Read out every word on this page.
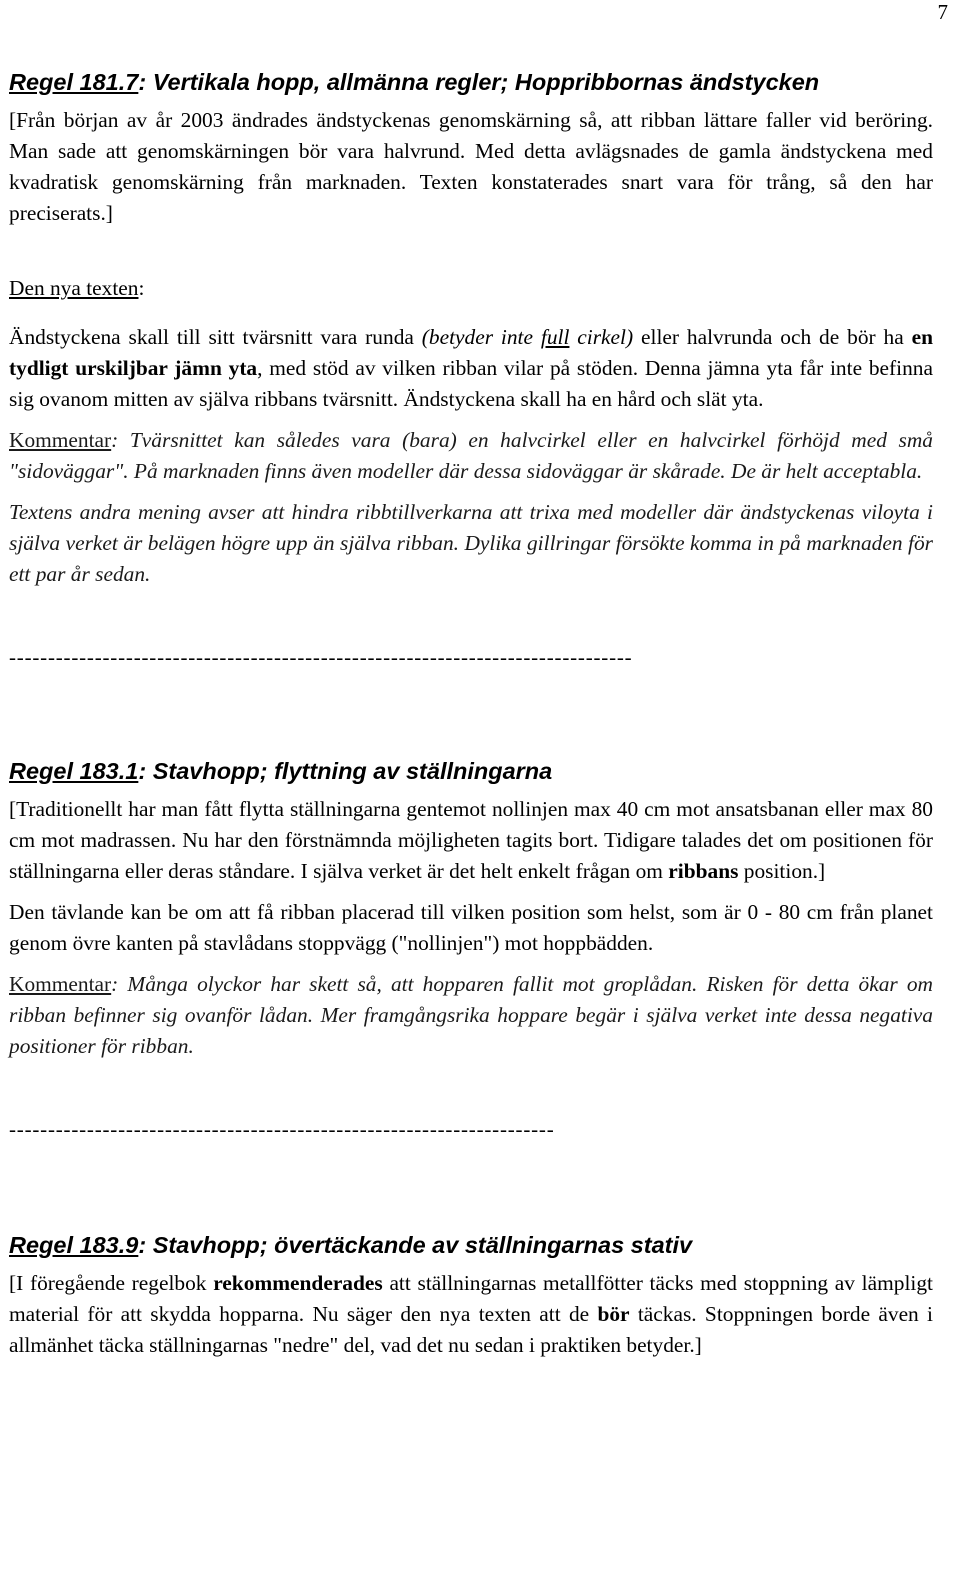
7
Regel 181.7: Vertikala hopp, allmänna regler; Hoppribbornas ändstycken

[Från början av år 2003 ändrades ändstyckenas genomskärning så, att ribban lättare faller vid beröring. Man sade att genomskärningen bör vara halvrund. Med detta avlägsnades de gamla ändstyckena med kvadratisk genomskärning från marknaden. Texten konstaterades snart vara för trång, så den har preciserats.]

Den nya texten:

Ändstyckena skall till sitt tvärsnitt vara runda (betyder inte full cirkel) eller halvrunda och de bör ha en tydligt urskiljbar jämn yta, med stöd av vilken ribban vilar på stöden. Denna jämna yta får inte befinna sig ovanom mitten av själva ribbans tvärsnitt. Ändstyckena skall ha en hård och slät yta.

Kommentar: Tvärsnittet kan således vara (bara) en halvcirkel eller en halvcirkel förhöjd med små "sidoväggar". På marknaden finns även modeller där dessa sidoväggar är skårade. De är helt acceptabla.

Textens andra mening avser att hindra ribbtillverkarna att trixa med modeller där ändstyckenas viloyta i själva verket är belägen högre upp än själva ribban. Dylika gillringar försökte komma in på marknaden för ett par år sedan.

--------------------------------------------------------------------------------
Regel 183.1: Stavhopp; flyttning av ställningarna

[Traditionellt har man fått flytta ställningarna gentemot nollinjen max 40 cm mot ansatsbanan eller max 80 cm mot madrassen. Nu har den förstnämnda möjligheten tagits bort. Tidigare talades det om positionen för ställningarna eller deras ståndare. I själva verket är det helt enkelt frågan om ribbans position.]

Den tävlande kan be om att få ribban placerad till vilken position som helst, som är 0 - 80 cm från planet genom övre kanten på stavlådans stoppvägg ("nollinjen") mot hoppbädden.

Kommentar: Många olyckor har skett så, att hopparen fallit mot groplådan. Risken för detta ökar om ribban befinner sig ovanför lådan. Mer framgångsrika hoppare begär i själva verket inte dessa negativa positioner för ribban.

----------------------------------------------------------------------
Regel 183.9: Stavhopp; övertäckande av ställningarnas stativ

[I föregående regelbok rekommenderades att ställningarnas metallfötter täcks med stoppning av lämpligt material för att skydda hopparna. Nu säger den nya texten att de bör täckas. Stoppningen borde även i allmänhet täcka ställningarnas "nedre" del, vad det nu sedan i praktiken betyder.]
